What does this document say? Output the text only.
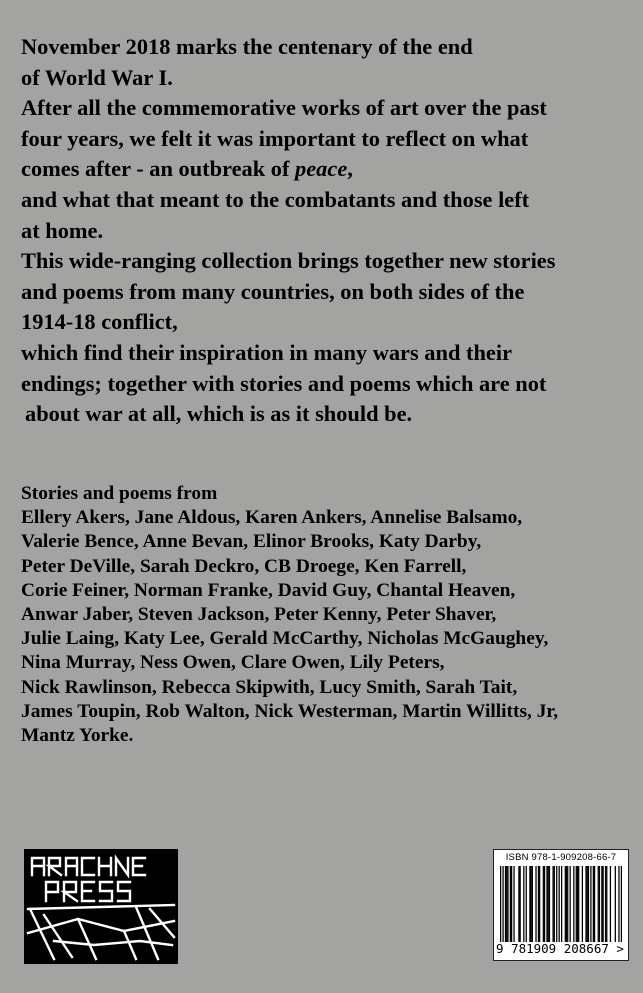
November 2018 marks the centenary of the end
of World War I.
After all the commemorative works of art over the past
four years, we felt it was important to reflect on what
comes after - an outbreak of peace,
and what that meant to the combatants and those left
at home.
This wide-ranging collection brings together new stories
and poems from many countries, on both sides of the
1914-18 conflict,
which find their inspiration in many wars and their
endings; together with stories and poems which are not
about war at all, which is as it should be.
Stories and poems from
Ellery Akers, Jane Aldous, Karen Ankers, Annelise Balsamo,
Valerie Bence, Anne Bevan, Elinor Brooks, Katy Darby,
Peter DeVille, Sarah Deckro, CB Droege, Ken Farrell,
Corie Feiner, Norman Franke, David Guy, Chantal Heaven,
Anwar Jaber, Steven Jackson, Peter Kenny, Peter Shaver,
Julie Laing, Katy Lee, Gerald McCarthy, Nicholas McGaughey,
Nina Murray, Ness Owen, Clare Owen, Lily Peters,
Nick Rawlinson, Rebecca Skipwith, Lucy Smith, Sarah Tait,
James Toupin, Rob Walton, Nick Westerman, Martin Willitts, Jr,
Mantz Yorke.
ISBN 978-1-909208-66-7
9 781909 208667 >
